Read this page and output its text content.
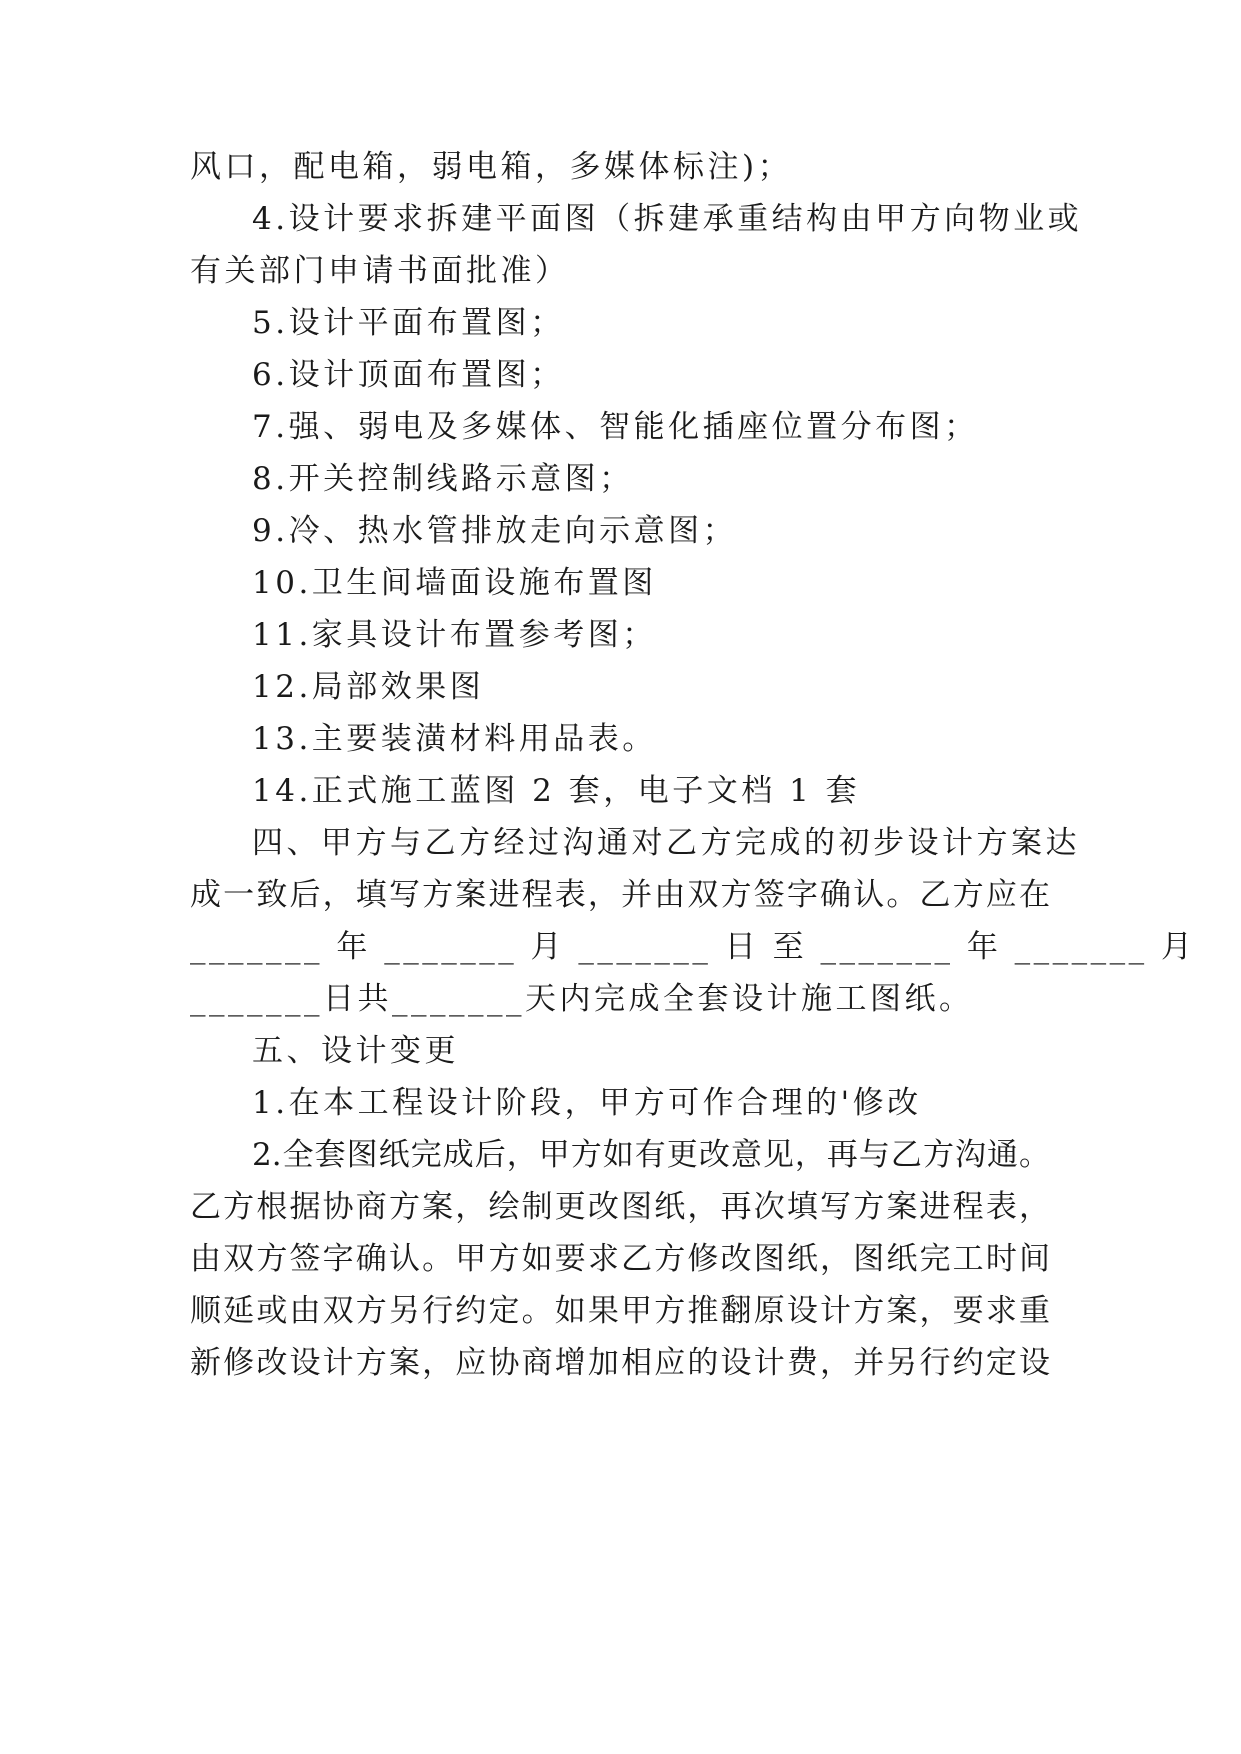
风口，配电箱，弱电箱，多媒体标注)；
4.设计要求拆建平面图（拆建承重结构由甲方向物业或
有关部门申请书面批准）
5.设计平面布置图；
6.设计顶面布置图；
7.强、弱电及多媒体、智能化插座位置分布图；
8.开关控制线路示意图；
9.冷、热水管排放走向示意图；
10.卫生间墙面设施布置图
11.家具设计布置参考图；
12.局部效果图
13.主要装潢材料用品表。
14.正式施工蓝图 2 套，电子文档 1 套
四、甲方与乙方经过沟通对乙方完成的初步设计方案达
成一致后，填写方案进程表，并由双方签字确认。乙方应在
_______ 年 _______ 月 _______ 日 至 _______ 年 _______ 月
_______日共_______天内完成全套设计施工图纸。
五、设计变更
1.在本工程设计阶段，甲方可作合理的'修改
2.全套图纸完成后，甲方如有更改意见，再与乙方沟通。
乙方根据协商方案，绘制更改图纸，再次填写方案进程表，
由双方签字确认。甲方如要求乙方修改图纸，图纸完工时间
顺延或由双方另行约定。如果甲方推翻原设计方案，要求重
新修改设计方案，应协商增加相应的设计费，并另行约定设
